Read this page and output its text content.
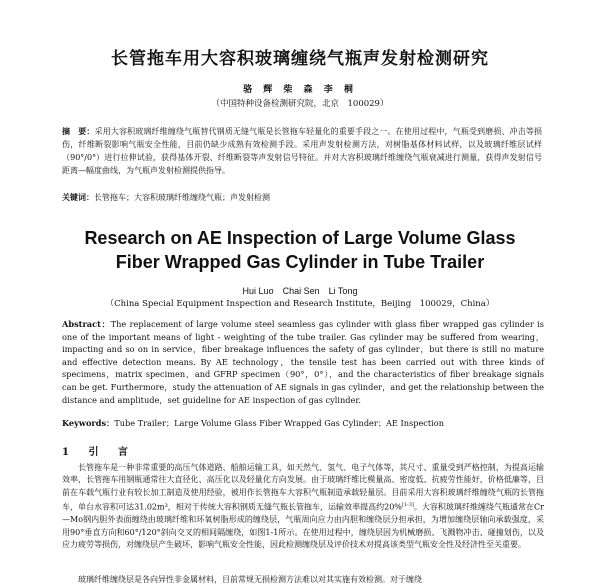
长管拖车用大容积玻璃缠绕气瓶声发射检测研究
骆 辉 柴 森 李 桐
（中国特种设备检测研究院，北京　100029）
摘　要：采用大容积玻璃纤维缠绕气瓶替代钢质无缝气瓶是长管拖车轻量化的重要手段之一。在使用过程中，气瓶受到磨损、冲击等损伤，纤维断裂影响气瓶安全性能，目前仍缺少成熟有效检测手段。采用声发射检测方法，对树脂基体材料试样，以及玻璃纤维层试样（90°/0°）进行拉伸试验，获得基体开裂、纤维断裂等声发射信号特征。并对大容积玻璃纤维缠绕气瓶衰减进行测量，获得声发射信号距离—幅度曲线，为气瓶声发射检测提供指导。
关键词：长管拖车；大容积玻璃纤维缠绕气瓶；声发射检测
Research on AE Inspection of Large Volume Glass
Fiber Wrapped Gas Cylinder in Tube Trailer
Hui Luo　Chai Sen　Li Tong
（China Special Equipment Inspection and Research Institute，Beijing　100029，China）
Abstract：The replacement of large volume steel seamless gas cylinder with glass fiber wrapped gas cylinder is one of the important means of light - weighting of the tube trailer. Gas cylinder may be suffered from wearing，impacting and so on in service，fiber breakage influences the safety of gas cylinder，but there is still no mature and effective detection means. By AE technology，the tensile test has been carried out with three kinds of specimens，matrix specimen，and GFRP specimen（90°，0°），and the characteristics of fiber breakage signals can be get. Furthermore，study the attenuation of AE signals in gas cylinder，and get the relationship between the distance and amplitude，set guideline for AE inspection of gas cylinder.
Keywords：Tube Trailer；Large Volume Glass Fiber Wrapped Gas Cylinder；AE Inspection
1 引 言
长管拖车是一种非常重要的高压气体道路、船舶运输工具，如天然气、氢气、电子气体等，其尺寸、重量受到严格控制，为提高运输效率，长管拖车用钢瓶通常往大直径化、高压化以及轻量化方向发展。由于玻璃纤维比模量高、密度低、抗疲劳性能好，价格低廉等，目前在车载气瓶行业有较长加工制造及使用经验，被用作长管拖车大容积气瓶制造承载轻量层。目前采用大容积玻璃纤维缠绕气瓶的长管拖车，单台水容积可达31.02m³，相对于传统大容积钢质无缝气瓶长管拖车，运输效率提高约20%[1-3]。大容积玻璃纤维缠绕气瓶通常在Cr—Mo钢内胆外表面缠绕由玻璃纤维和环氧树脂形成的缠绕层，气瓶周向应力由内胆和缠绕层分担承担，为增加缠绕层轴向承载强度，采用90°垂直方向和60°/120°斜向交叉的相间隔缠绕，如图1-1所示。在使用过程中，缠绕层因为机械磨损、飞溅物冲击、碰撞划伤，以及应力疲劳等损伤，对缠绕层产生破坏，影响气瓶安全性能，因此检测缠绕层及评价技术对提高该类型气瓶安全性及经济性至关重要。
玻璃纤维缠绕层是各向异性非金属材料，目前常规无损检测方法难以对其实施有效检测。对于缠绕
